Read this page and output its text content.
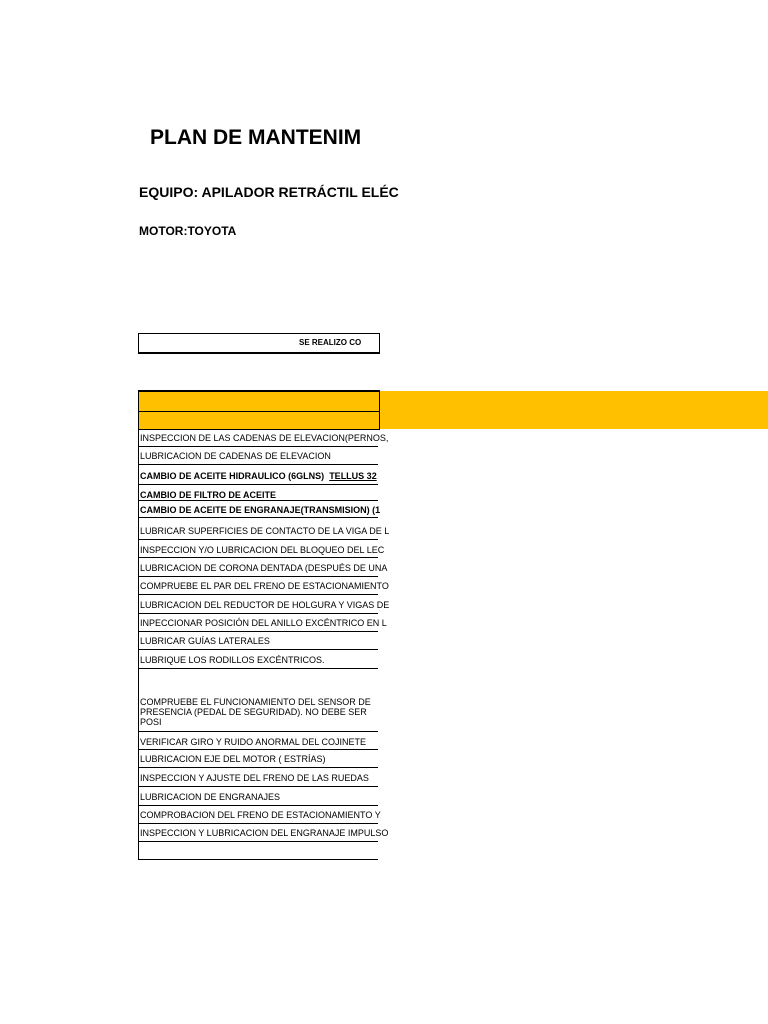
PLAN DE MANTENIM
EQUIPO: APILADOR RETRÁCTIL ELÉC
MOTOR:TOYOTA
SE REALIZO CO
INSPECCION DE LAS CADENAS DE ELEVACION(PERNOS,
LUBRICACION DE CADENAS DE ELEVACION
CAMBIO DE ACEITE HIDRAULICO (6GLNS) TELLUS 32
CAMBIO DE FILTRO DE ACEITE
CAMBIO DE ACEITE DE ENGRANAJE(TRANSMISION) (1
LUBRICAR SUPERFICIES DE CONTACTO DE LA VIGA DE L
INSPECCION Y/O LUBRICACION DEL BLOQUEO DEL LEC
LUBRICACION DE CORONA DENTADA (DESPUÉS DE UNA
COMPRUEBE EL PAR DEL FRENO DE ESTACIONAMIENTO
LUBRICACION DEL REDUCTOR DE HOLGURA Y VIGAS DE
INPECCIONAR POSICIÓN DEL ANILLO EXCÉNTRICO EN L
LUBRICAR GUÍAS LATERALES
LUBRIQUE LOS RODILLOS EXCÉNTRICOS.
COMPRUEBE EL FUNCIONAMIENTO DEL SENSOR DE PRESENCIA (PEDAL DE SEGURIDAD). NO DEBE SER POSI
VERIFICAR GIRO Y RUIDO ANORMAL DEL COJINETE
LUBRICACION EJE DEL MOTOR ( ESTRÍAS)
INSPECCION Y AJUSTE DEL FRENO DE LAS RUEDAS
LUBRICACION DE ENGRANAJES
COMPROBACION DEL FRENO DE ESTACIONAMIENTO Y
INSPECCION Y LUBRICACION DEL ENGRANAJE IMPULSO
